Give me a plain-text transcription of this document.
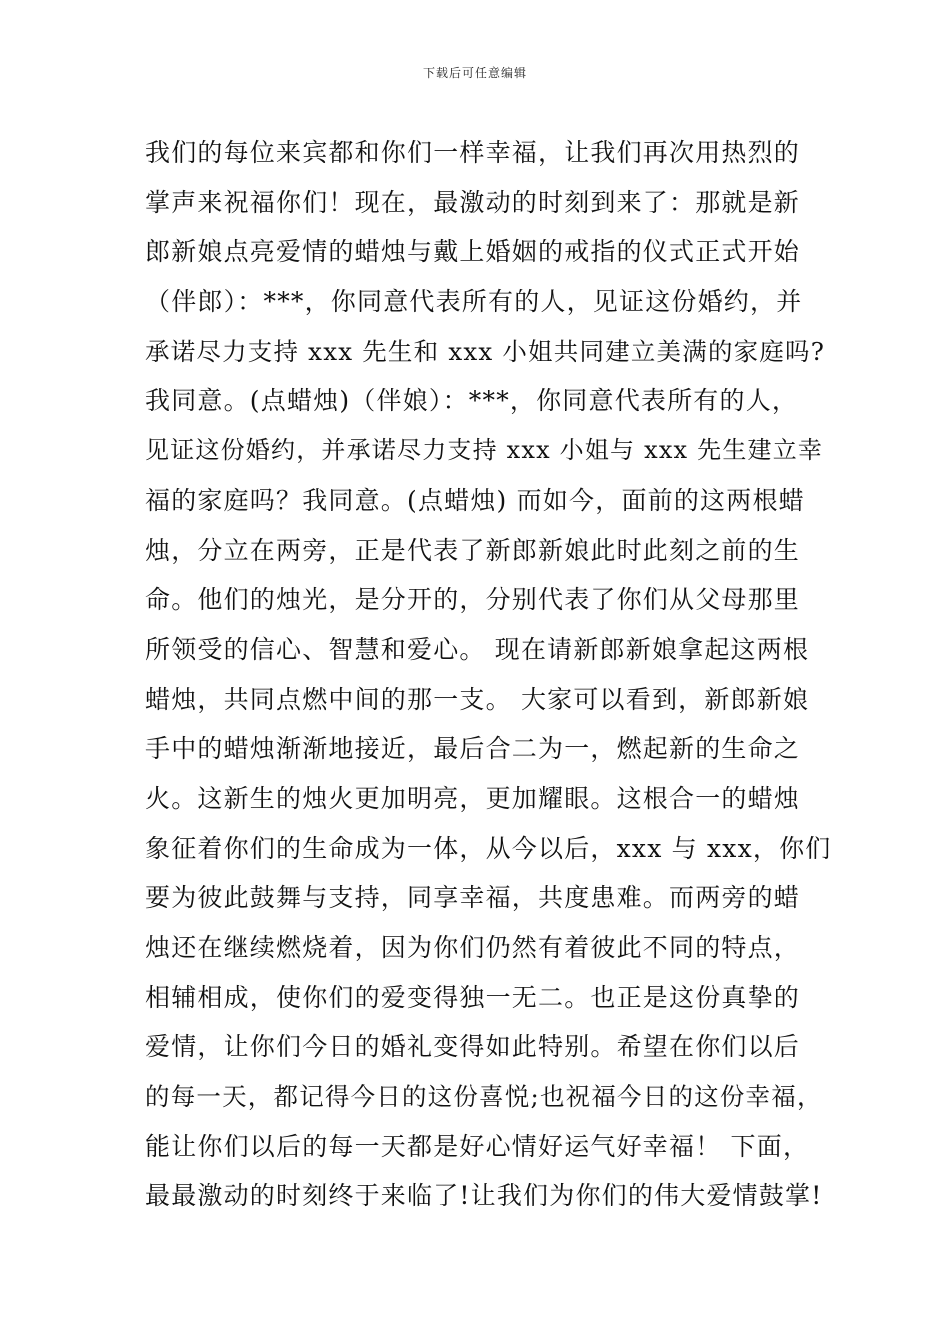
下载后可任意编辑
我们的每位来宾都和你们一样幸福，让我们再次用热烈的
掌声来祝福你们！现在，最激动的时刻到来了：那就是新
郎新娘点亮爱情的蜡烛与戴上婚姻的戒指的仪式正式开始
（伴郎）：***，你同意代表所有的人，见证这份婚约，并
承诺尽力支持 xxx 先生和 xxx 小姐共同建立美满的家庭吗?
我同意。(点蜡烛)（伴娘）：***，你同意代表所有的人，
见证这份婚约，并承诺尽力支持 xxx 小姐与 xxx 先生建立幸
福的家庭吗？我同意。(点蜡烛) 而如今，面前的这两根蜡
烛，分立在两旁，正是代表了新郎新娘此时此刻之前的生
命。他们的烛光，是分开的，分别代表了你们从父母那里
所领受的信心、智慧和爱心。 现在请新郎新娘拿起这两根
蜡烛，共同点燃中间的那一支。 大家可以看到，新郎新娘
手中的蜡烛渐渐地接近，最后合二为一，燃起新的生命之
火。这新生的烛火更加明亮，更加耀眼。这根合一的蜡烛
象征着你们的生命成为一体，从今以后，xxx 与 xxx，你们
要为彼此鼓舞与支持，同享幸福，共度患难。而两旁的蜡
烛还在继续燃烧着，因为你们仍然有着彼此不同的特点，
相辅相成，使你们的爱变得独一无二。也正是这份真挚的
爱情，让你们今日的婚礼变得如此特别。希望在你们以后
的每一天，都记得今日的这份喜悦;也祝福今日的这份幸福，
能让你们以后的每一天都是好心情好运气好幸福！ 下面，
最最激动的时刻终于来临了!让我们为你们的伟大爱情鼓掌!
